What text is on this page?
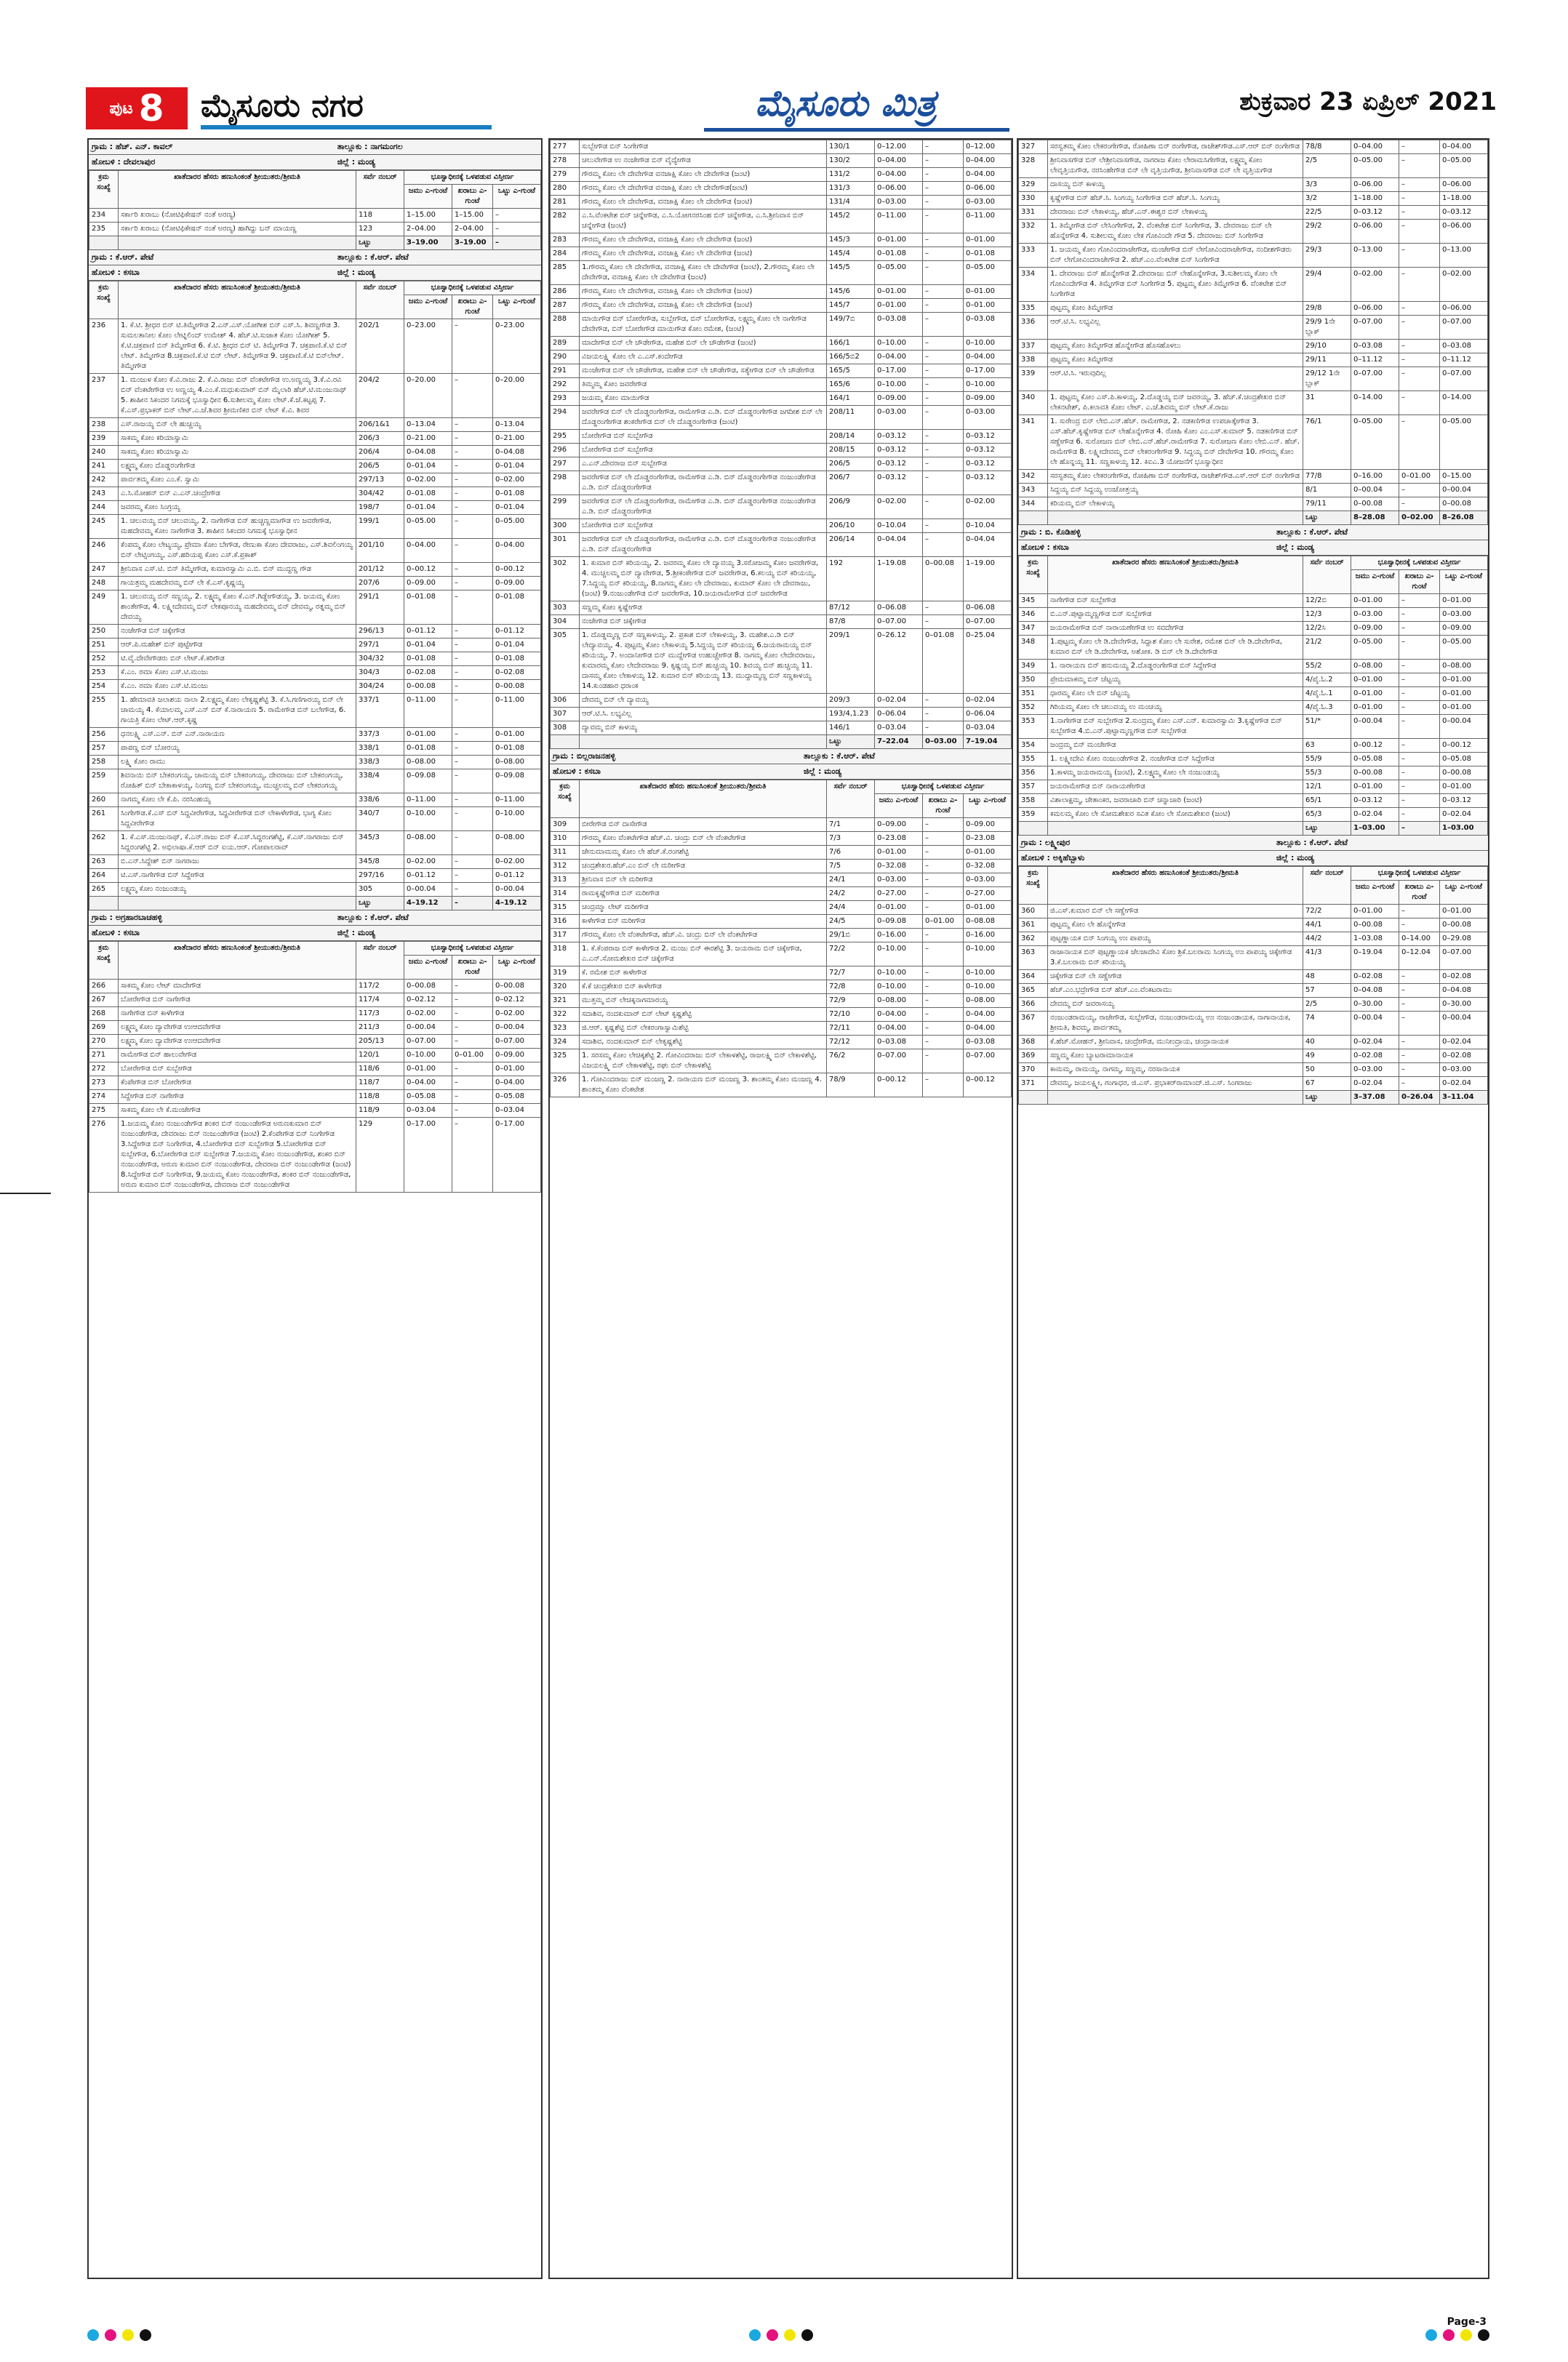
ಪುಟ 8 ಮೈಸೂರು ನಗರ	ಮೈಸೂರು ಮಿತ್ರ	ಶುಕ್ರವಾರ 23 ಏಪ್ರಿಲ್ 2021
ಗ್ರಾಮ : ಹೆಚ್. ಎನ್. ಕಾವಲ್	ತಾಲ್ಲೂಕು : ನಾಗಮಂಗಲ
ಹೋಬಳಿ : ದೇವಲಾಪುರ	ಜಿಲ್ಲೆ : ಮಂಡ್ಯ
ಕ್ರಮ ಸಂಖ್ಯೆ	ಖಾತೆದಾರರ ಹೆಸರು ಹಣುಸಿಂಕಂತೆ ಶ್ರೀಯುತರು/ಶ್ರೀಮತಿ	ಸರ್ವೆ ನಂಬರ್	ಭೂಸ್ವಾಧೀನಕ್ಕೆ ಒಳಪಡುವ ವಿಸ್ತೀರ್ಣ		
			ಜಮು ಎ-ಗುಂಟೆ	ಖರಾಬು ಎ-ಗುಂಟೆ	ಒಟ್ಟು ಎ-ಗುಂಟೆ
234	ಸರ್ಕಾರಿ ಖರಾಬು (ನೋಟಿಫಿಕೇಷನ್ ನಂತೆ ಅರಣ್ಯ)	118	1–15.00	1–15.00	–
235	ಸರ್ಕಾರಿ ಖರಾಬು (ನೋಟಿಫಿಕೇಷನ್ ನಂತೆ ಅರಣ್ಯ) ಹಾಗಿದ್ದು ಬನ್ ಮಾಯಣ್ಣ	123	2–04.00	2–04.00	–
		ಒಟ್ಟು	3–19.00	3–19.00	–
ಗ್ರಾಮ : ಕೆ.ಆರ್. ಪೇಟೆ	ತಾಲ್ಲೂಕು : ಕೆ.ಆರ್. ಪೇಟೆ
ಹೋಬಳಿ : ಕಸಬಾ	ಜಿಲ್ಲೆ : ಮಂಡ್ಯ
ಕ್ರಮ ಸಂಖ್ಯೆ	ಖಾತೆದಾರರ ಹೆಸರು ಹಣುಸಿಂಕಂತೆ ಶ್ರೀಯುತರು/ಶ್ರೀಮತಿ	ಸರ್ವೆ ನಂಬರ್	ಭೂಸ್ವಾಧೀನಕ್ಕೆ ಒಳಪಡುವ ವಿಸ್ತೀರ್ಣ		
			ಜಮು ಎ-ಗುಂಟೆ	ಖರಾಬು ಎ-ಗುಂಟೆ	ಒಟ್ಟು ಎ-ಗುಂಟೆ
236	1. ಕೆ.ಟಿ. ಶ್ರೀಧರ ಬಿನ್ ಟಿ.ತಿಮ್ಮೇಗೌಡ 2.ಎನ್.ಎಸ್.ಯೋಗೀಶ ಬಿನ್ ಎಸ್.ಸಿ. ಶಿವಣ್ಣಗೌಡ 3. ಸುಮಲತಾನೀಲ ಕೋಂ ಲೇಟ್ನಿಲಿಂದ್ ಉಮೇಶ್ 4. ಹೆಚ್.ಟಿ.ಸುಜಾತ ಕೋಂ ಯೋಗೀಶ್ 5. ಕೆ.ಟಿ.ಚಕ್ರಪಾಣಿ ಬಿನ್ ತಿಮ್ಮೇಗೌಡ 6. ಕೆ.ಟಿ. ಶ್ರೀಧರ ಬಿನ್ ಟಿ. ತಿಮ್ಮೇಗೌಡ 7. ಚಕ್ರಪಾಣಿ.ಕೆ.ಟಿ ಬಿನ್ ಲೇಟ್. ತಿಮ್ಮೇಗೌಡ 8.ಚಕ್ರಪಾಣಿ.ಕೆ.ಟಿ ಬಿನ್ ಲೇಟ್. ತಿಮ್ಮೇಗೌಡ 9. ಚಕ್ರಪಾಣಿ.ಕೆ.ಟಿ ಬಿನ್‌ಲೇಟ್. ತಿಮ್ಮೇಗೌಡ	202/1	0–23.00	–	0–23.00
237	1. ಮಂಜುಳ ಕೋಂ ಕೆ.ವಿ.ರಾಜು 2. ಕೆ.ವಿ.ರಾಜು ಬಿನ್ ವೆಂಕಟೇಗೌಡ ಉ.ಅಣ್ಣಯ್ಯ 3.ಕೆ.ವಿ.ರವಿ ಬಿನ್ ವೆಂಕಟೇಗೌಡ ಉ ಅಣ್ಣಯ್ಯ 4.ಎಂ.ಕೆ.ಮಧುಕುಮಾರ್ ಬಿನ್ ಮೈಲಾರಿ ಹೆಚ್.ಟಿ.ಮಂಜುನಾಥ್ 5. ಶಾಹೀನ ಸಿಕಂದರ ನಿಗಮಕ್ಕೆ ಭೂಸ್ವಾಧೀನ 6.ಸುಶೀಲಮ್ಮ ಕೋಂ ಲೇಟ್.ಕೆ.ಜೆ.ಕಟ್ಟಪ್ಪ 7. ಕೆ.ಎಸ್.ಪ್ರಭಾಕರ್ ಬಿನ್ ಲೇಟ್.ಎ.ಜೆ.ಶಿವರ ಶ್ರೀಮಣಿಕರ ಬಿನ್ ಲೇಟ್ ಕೆ.ವಿ. ಶಿವರ	204/2	0–20.00	–	0–20.00
238	ಎಸ್.ರಾಜಯ್ಯ ಬಿನ್ ಲೇ ಹುಚ್ಚಯ್ಯ	206/1&1	0–13.04	–	0–13.04
239	ಸಾಕಮ್ಮ ಕೋಂ ಕರಿಯಾಸ್ವಾಮಿ	206/3	0–21.00	–	0–21.00
240	ಸಾಕಮ್ಮ ಕೋಂ ಕರಿಯಾಸ್ವಾಮಿ	206/4	0–04.08	–	0–04.08
241	ಲಕ್ಷ್ಮಮ್ಮ ಕೋಂ ದೊಡ್ಡರಂಗೇಗೌಡ	206/5	0–01.04	–	0–01.04
242	ಪಾರ್ವತಮ್ಮ ಕೋಂ ಎಂ.ಕೆ. ಸ್ವಾಮಿ	297/13	0–02.00	–	0–02.00
243	ಎ.ಸಿ.ಮೋಹನ್ ಬಿನ್ ಎ.ಎನ್.ಚಂದ್ರೇಗೌಡ	304/42	0–01.08	–	0–01.08
244	ಜವರಮ್ಮ ಕೋಂ ಸಿಂಗ್ರಯ್ಯ	198/7	0–01.04	–	0–01.04
245	1. ಚಲುವಯ್ಯ ಬಿನ್ ಚಲುವಯ್ಯ, 2. ನಾಗೇಗೌಡ ಬಿನ್ ಹುಚ್ಚಣ್ಣಮಾಗೌಡ ಉ ಜವರೇಗೌಡ, ಮಹದೇವಮ್ಮ ಕೋಂ ನಾಗೇಗೌಡ 3. ಶಾಹೀನ ಸಿಕಂದರ ನಿಗಮಕ್ಕೆ ಭೂಸ್ವಾಧೀನ	199/1	0–05.00	–	0–05.00
246	ಕೆಂಪಮ್ಮ ಕೋಂ ಲೇಟ್ಯಯ್ಯ, ಪ್ರೇಮಾ ಕೋಂ ಬೇಗೌಡ, ರೇಣುಕಾ ಕೋಂ ದೇವರಾಜು, ಎಸ್.ಶಿವಲಿಂಗಯ್ಯ ಬಿನ್ ಲೇಟ್ಸಿಂಗಯ್ಯ, ಎಸ್.ಹರಿಯಪ್ಪ ಕೋಂ ಎಸ್.ಕೆ.ಪ್ರಕಾಶ್	201/10	0–04.00	–	0–04.00
247	ಶ್ರೀನಿವಾಸ ಎಸ್.ಟಿ. ಬಿನ್ ತಿಮ್ಮೇಗೌಡ, ಕುಮಾರಸ್ವಾಮಿ ಎ.ಬಿ. ಬಿನ್ ಮುದ್ದಣ್ಣ ಗೌಡ	201/12	0–00.12	–	0–00.12
248	ಗಾಯತ್ರಮ್ಮ ಮಹದೇವಮ್ಮ ಬಿನ್ ಲೇ ಕೆ.ಎಸ್.ಕೃಷ್ಣಯ್ಯ	207/6	0–09.00	–	0–09.00
249	1. ಚಲುವಯ್ಯ ಬಿನ್ ಸಣ್ಣಯ್ಯ, 2. ಲಕ್ಷ್ಮಮ್ಮ ಕೋಂ ಕೆ.ಎನ್.ಗಿಡ್ಡೇಗೌಡಯ್ಯ, 3. ಜಯಮ್ಮ ಕೋಂ ಶಾಂತೇಗೌಡ, 4. ಲಕ್ಷ್ಮೀದೇವಮ್ಮ ಬಿನ್ ಲೇಕಪೂನಯ್ಯ ಮಹದೇವಮ್ಮ ಬಿನ್ ದೇವಮ್ಮ, ರತ್ನಮ್ಮ ಬಿನ್ ದೇವಯ್ಯ	291/1	0–01.08	–	0–01.08
250	ನಂಜೇಗೌಡ ಬಿನ್ ಚಿಕ್ಕೇಗೌಡ	296/13	0–01.12	–	0–01.12
251	ಆರ್.ಪಿ.ಮಹೇಶ್ ಬಿನ್ ಪುಟ್ಟೇಗೌಡ	297/1	0–01.04	–	0–01.04
252	ಟಿ.ವೈ.ದೇವೇಗೌಡರು ಬಿನ್ ಲೇಟ್.ಕೆ.ಕರಿಗೌಡ	304/32	0–01.08	–	0–01.08
253	ಕೆ.ಎಂ. ರಮಾ ಕೋಂ ಎಸ್.ಟಿ.ಮಂಜು	304/3	0–02.08	–	0–02.08
254	ಕೆ.ಎಂ. ರಮಾ ಕೋಂ ಎಸ್.ಟಿ.ಮಂಜು	304/24	0–00.08	–	0–00.08
255	1. ಹೇಮಾವತಿ ಜಲಾಶಯ ನಾಲಾ 2.ಲಕ್ಷ್ಮಮ್ಮ ಕೋಂ ಲೇಕೃಷ್ಣಶೆಟ್ಟಿ 3. ಕೆ.ಸಿ.ಗಣಿಗಾರಯ್ಯ ಬಿನ್ ಲೇ ಚಾಮಯ್ಯ 4. ಕೆಯಾಲಮ್ಮ ಎಸ್.ಎನ್ ಬಿನ್ ಕೆ.ನಾರಾಯಣ 5. ರಾಮೇಗೌಡ ಬಿನ್ ಬಲೇಗೌಡ, 6. ಗಾಯತ್ರಿ ಕೋಂ ಲೇಟ್.ಆರ್.ಕೃಷ್ಣ	337/1	0–11.00	–	0–11.00
256	ಧನಲಕ್ಷ್ಮಿ ಎಸ್.ಎನ್. ಬಿನ್ ಎನ್.ನಾರಾಯಣ	337/3	0–01.00	–	0–01.00
257	ಪಾಪಣ್ಣ ಬಿನ್ ಬೋರಯ್ಯ	338/1	0–01.08	–	0–01.08
258	ಲಕ್ಷ್ಮಿ ಕೋಂ ರಾಮು	338/3	0–08.00	–	0–08.00
259	ಶಿವನಾಯಿ ಬಿನ್ ಬೇಕರಂಗಯ್ಯ, ಚಾಮಯ್ಯ ಬಿನ್ ಬೇಕರಂಗಯ್ಯ, ದೇವರಾಜು ಬಿನ್ ಬೇಕರಂಗಯ್ಯ, ರೋಹಿತ್ ಬಿನ್ ಬೇಕಾಕಾಳಯ್ಯ, ನಿಂಗಣ್ಣ ಬಿನ್ ಬೇಕರಂಗಯ್ಯ, ಮುಚ್ಚಲಮ್ಮ ಬಿನ್ ಲೇಕರಂಗಯ್ಯ	338/4	0–09.08	–	0–09.08
260	ನಾಗಮ್ಮ ಕೋಂ ಲೇ ಕೆ.ಪಿ. ನರಸಿಂಹಯ್ಯ	338/6	0–11.00	–	0–11.00
261	ಸಿಂಗೇಗೌಡ.ಕೆ.ಎಸ್ ಬಿನ್ ಸಿದ್ದವೀರೇಗೌಡ, ಸಿದ್ದವೀರೇಗೌಡ ಬಿನ್ ಲೇಕಾಳೇಗೌಡ, ಭಾಗ್ಯ ಕೋಂ ಸಿದ್ದವೀರೇಗೌಡ	340/7	0–10.00	–	0–10.00
262	1. ಕೆ.ಎಸ್.ಮಂಜುನಾಥ್, ಕೆ.ಎನ್.ರಾಜು ಬಿನ್ ಕೆ.ಎಸ್.ಸಿದ್ದರಂಗಶೆಟ್ಟಿ, ಕೆ.ಎಸ್.ನಾಗರಾಜು ಬಿನ್ ಸಿದ್ದರಂಗಶೆಟ್ಟಿ 2. ಅಭಿಲಾಷಾ.ಕೆ.ಆರ್ ಬಿನ್ ಐಯ.ಆರ್. ಗೋಪಾಲರಾವ್	345/3	0–08.00	–	0–08.00
263	ಬಿ.ಎನ್.ಸಿದ್ದೇಶ್ ಬಿನ್ ನಾಗರಾಜು	345/8	0–02.00	–	0–02.00
264	ಟಿ.ಎಸ್.ನಾಗೇಗೌಡ ಬಿನ್ ಸಿದ್ದೇಗೌಡ	297/16	0–01.12	–	0–01.12
265	ಲಕ್ಷ್ಮಮ್ಮ ಕೋಂ ನಂಜುಂಡಯ್ಯ	305	0–00.04	–	0–00.04
		ಒಟ್ಟು	4–19.12	–	4–19.12
ಗ್ರಾಮ : ಅಗ್ರಹಾರಬಾಚಹಳ್ಳಿ	ತಾಲ್ಲೂಕು : ಕೆ.ಆರ್. ಪೇಟೆ
ಹೋಬಳಿ : ಕಸಬಾ	ಜಿಲ್ಲೆ : ಮಂಡ್ಯ
ಕ್ರಮ ಸಂಖ್ಯೆ	ಖಾತೆದಾರರ ಹೆಸರು ಹಣುಸಿಂಕಂತೆ ಶ್ರೀಯುತರು/ಶ್ರೀಮತಿ	ಸರ್ವೆ ನಂಬರ್	ಭೂಸ್ವಾಧೀನಕ್ಕೆ ಒಳಪಡುವ ವಿಸ್ತೀರ್ಣ		
			ಜಮು ಎ-ಗುಂಟೆ	ಖರಾಬು ಎ-ಗುಂಟೆ	ಒಟ್ಟು ಎ-ಗುಂಟೆ
266	ಸಾಕಮ್ಮ ಕೋಂ ಲೇಟ್ ಮಾದೇಗೌಡ	117/2	0–00.08	–	0–00.08
267	ಬೋರೇಗೌಡ ಬಿನ್ ನಾಗೇಗೌಡ	117/4	0–02.12	–	0–02.12
268	ನಾಗೇಗೌಡ ಬಿನ್ ಕಾಳೇಗೌಡ	117/3	0–02.00	–	0–02.00
269	ಲಕ್ಷ್ಮಮ್ಮ ಕೋಂ ದ್ಯಾವೇಗೌಡ ಉಃಆದವೇಗೌಡ	211/3	0–00.04	–	0–00.04
270	ಲಕ್ಷ್ಮಮ್ಮ ಕೋಂ ದ್ಯಾವೇಗೌಡ ಉಃಆದವೇಗೌಡ	205/13	0–07.00	–	0–07.00
271	ರಾಮೇಗೌಡ ಬಿನ್ ಹಾಲುವೇಗೌಡ	120/1	0–10.00	0–01.00	0–09.00
272	ಬೋರೇಗೌಡ ಬಿನ್ ಸುಬ್ಬೇಗೌಡ	118/6	0–01.00	–	0–01.00
273	ಕೆಂಪೇಗೌಡ ಬಿನ್ ಬೋರೇಗೌಡ	118/7	0–04.00	–	0–04.00
274	ಸಿದ್ದೇಗೌಡ ಬಿನ್ ನಾಗೇಗೌಡ	118/8	0–05.08	–	0–05.08
275	ಸಾಕಮ್ಮ ಕೋಂ ಲೇ ಕೆ.ಮಂಜೇಗೌಡ	118/9	0–03.04	–	0–03.04
276	1.ಜಯಮ್ಮ ಕೋಂ ನಂಜುಂಡೇಗೌಡ ಶಂಕರ ಬಿನ್ ನಂಜುಂಡೇಗೌಡ ಅರುಣಕುಮಾರ ಬಿನ್ ನಂಜುಂಡೇಗೌಡ, ದೇವರಾಜು ಬಿನ್ ನಂಜುಂಡೇಗೌಡ (ಜಂಟಿ) 2.ಕೆಂಪೇಗೌಡ ಬಿನ್ ನಿಂಗೇಗೌಡ 3.ಸಿದ್ದೇಗೌಡ ಬಿನ್ ನಿಂಗೇಗೌಡ, 4.ಬೋರೇಗೌಡ ಬಿನ್ ಸುಬ್ಬೇಗೌಡ 5.ಬೋರೇಗೌಡ ಬಿನ್ ಸುಬ್ಬೇಗೌಡ, 6.ಬೋರೇಗೌಡ ಬಿನ್ ಸುಬ್ಬೇಗೌಡ 7.ಜಯಮ್ಮ ಕೋಂ ನಂಜುಂಡೇಗೌಡ, ಶಂಕರ ಬಿನ್ ನಂಜುಂಡೇಗೌಡ, ಅರುಣ ಕುಮಾರ ಬಿನ್ ನಂಜುಂಡೇಗೌಡ, ದೇವರಾಜ ಬಿನ್ ನಂಜುಂಡೇಗೌಡ (ಜಂಟಿ) 8.ಸಿದ್ದೇಗೌಡ ಬಿನ್ ನಿಂಗೇಗೌಡ, 9.ಜಯಮ್ಮ ಕೋಂ ನಂಜುಂಡೇಗೌಡ, ಶಂಕರ ಬಿನ್ ನಂಜುಂಡೇಗೌಡ, ಅರುಣ ಕುಮಾರ ಬಿನ್ ನಂಜುಂಡೇಗೌಡ, ದೇವರಾಜ ಬಿನ್ ನಂಜುಂಡೇಗೌಡ	129	0–17.00	–	0–17.00
277	ಸುಬ್ಬೇಗೌಡ ಬಿನ್ ಸಿಂಗೇಗೌಡ	130/1	0–12.00	–	0–12.00
278	ಚಲುವೇಗೌಡ ಉ ನಂಜೇಗೌಡ ಬಿನ್ ವೈದ್ಯೇಗೌಡ	130/2	0–04.00	–	0–04.00
279	ಗೌರಮ್ಮ ಕೋಂ ಲೇ ದೇವೇಗೌಡ ವನಜಾಕ್ಷಿ ಕೋಂ ಲೇ ದೇವೇಗೌಡ (ಜಂಟಿ)	131/2	0–04.00	–	0–04.00
280	ಗೌರಮ್ಮ ಕೋಂ ಲೇ ದೇವೇಗೌಡ ವನಜಾಕ್ಷಿ ಕೋಂ ಲೇ ದೇವೇಗೌಡ(ಜಂಟಿ)	131/3	0–06.00	–	0–06.00
281	ಗೌರಮ್ಮ ಕೋಂ ಲೇ ದೇವೇಗೌಡ, ವನಜಾಕ್ಷಿ ಕೋಂ ಲೇ ದೇವೇಗೌಡ (ಜಂಟಿ)	131/4	0–03.00	–	0–03.00
282	ಎ.ಸಿ.ವೆಂಕಟೇಶ ಬಿನ್ ಚನ್ನೇಗೌಡ, ಎ.ಸಿ.ಯೋಗನರಸಿಂಹ ಬಿನ್ ಚನ್ನೇಗೌಡ, ಎ.ಸಿ.ಶ್ರೀನಿವಾಸ ಬಿನ್ ಚನ್ನೇಗೌಡ (ಜಂಟಿ)	145/2	0–11.00	–	0–11.00
283	ಗೌರಮ್ಮ ಕೋಂ ಲೇ ದೇವೇಗೌಡ, ವನಜಾಕ್ಷಿ ಕೋಂ ಲೇ ದೇವೇಗೌಡ (ಜಂಟಿ)	145/3	0–01.00	–	0–01.00
284	ಗೌರಮ್ಮ ಕೋಂ ಲೇ ದೇವೇಗೌಡ, ವನಜಾಕ್ಷಿ ಕೋಂ ಲೇ ದೇವೇಗೌಡ (ಜಂಟಿ)	145/4	0–01.08	–	0–01.08
285	1.ಗೌರಮ್ಮ ಕೋಂ ಲೇ ದೇವೇಗೌಡ, ವನಜಾಕ್ಷಿ ಕೋಂ ಲೇ ದೇವೇಗೌಡ (ಜಂಟಿ), 2.ಗೌರಮ್ಮ ಕೋಂ ಲೇ ದೇವೇಗೌಡ, ವನಜಾಕ್ಷಿ ಕೋಂ ಲೇ ದೇವೇಗೌಡ (ಜಂಟಿ)	145/5	0–05.00	–	0–05.00
286	ಗೌರಮ್ಮ ಕೋಂ ಲೇ ದೇವೇಗೌಡ, ವನಜಾಕ್ಷಿ ಕೋಂ ಲೇ ದೇವೇಗೌಡ (ಜಂಟಿ)	145/6	0–01.00	–	0–01.00
287	ಗೌರಮ್ಮ ಕೋಂ ಲೇ ದೇವೇಗೌಡ, ವನಜಾಕ್ಷಿ ಕೋಂ ಲೇ ದೇವೇಗೌಡ (ಜಂಟಿ)	145/7	0–01.00	–	0–01.00
288	ಮಾಯಿಗೌಡ ಬಿನ್ ಬೋರೇಗೌಡ, ಸುಬ್ಬೇಗೌಡ, ಬಿನ್ ಬೋರೇಗೌಡ, ಲಕ್ಷ್ಮಮ್ಮ ಕೋಂ ಲೇ ನಾಗೇಗೌಡ ದೇವೇಗೌಡ, ಬಿನ್ ಬೋರೇಗೌಡ ಮಾಯಿಗೌಡ ಕೋಂ ರಮೇಶ, (ಜಂಟಿ)	149/7ಬಿ	0–03.08	–	0–03.08
289	ಮಾದೇಗೌಡ ಬಿನ್ ಲೇ ಚೌಡೇಗೌಡ, ಮಹೇಶ ಬಿನ್ ಲೇ ಚೌಡೇಗೌಡ (ಜಂಟಿ)	166/1	0–10.00	–	0–10.00
290	ವಿಜಯಲಕ್ಷ್ಮಿ ಕೋಂ ಲೇ ಎ.ಎಸ್.ಕಂದೇಗೌಡ	166/5ಬಿ2	0–04.00	–	0–04.00
291	ಮಂಜೇಗೌಡ ಬಿನ್ ಲೇ ಚೌಡೇಗೌಡ, ಮಹೇಶ ಬಿನ್ ಲೇ ಚೌಡೇಗೌಡ, ಸತ್ಯೇಗೌಡ ಬಿನ್ ಲೇ ಚೌಡೇಗೌಡ	165/5	0–17.00	–	0–17.00
292	ತಿಮ್ಮಮ್ಮ ಕೋಂ ಜವರೇಗೌಡ	165/6	0–10.00	–	0–10.00
293	ಜಯಮ್ಮ ಕೋಂ ಮಾಯಿಗೌಡ	164/1	0–09.00	–	0–09.00
294	ಜವರೇಗೌಡ ಬಿನ್ ಲೇ ದೊಡ್ಡರಂಗೇಗೌಡ, ರಾಮೇಗೌಡ ಎ.ಡಿ. ಬಿನ್ ದೊಡ್ಡರಂಗೇಗೌಡ ಜಗದೀಶ ಬಿನ್ ಲೇ ದೊಡ್ಡರಂಗೇಗೌಡ ಶಂಕರೇಗೌಡ ಬಿನ್ ಲೇ ದೊಡ್ಡರಂಗೇಗೌಡ (ಜಂಟಿ)	208/11	0–03.00	–	0–03.00
295	ಬೋರೇಗೌಡ ಬಿನ್ ಸುಬ್ಬೇಗೌಡ	208/14	0–03.12	–	0–03.12
296	ಬೋರೇಗೌಡ ಬಿನ್ ಸುಬ್ಬೇಗೌಡ	208/15	0–03.12	–	0–03.12
297	ಎ.ಎನ್.ದೇವರಾಜ ಬಿನ್ ಸುಬ್ಬೇಗೌಡ	206/5	0–03.12	–	0–03.12
298	ಜವರೇಗೌಡ ಬಿನ್ ಲೇ ದೊಡ್ಡರಂಗೇಗೌಡ, ರಾಮೇಗೌಡ ಎ.ಡಿ. ಬಿನ್ ದೊಡ್ಡರಂಗೇಗೌಡ ನಂಜುಂಡೇಗೌಡ ಎ.ಡಿ. ಬಿನ್ ದೊಡ್ಡರಂಗೇಗೌಡ	206/7	0–03.12	–	0–03.12
299	ಜವರೇಗೌಡ ಬಿನ್ ಲೇ ದೊಡ್ಡರಂಗೇಗೌಡ, ರಾಮೇಗೌಡ ಎ.ಡಿ. ಬಿನ್ ದೊಡ್ಡರಂಗೇಗೌಡ ನಂಜುಂಡೇಗೌಡ ಎ.ಡಿ. ಬಿನ್ ದೊಡ್ಡರಂಗೇಗೌಡ	206/9	0–02.00	–	0–02.00
300	ಬೋರೇಗೌಡ ಬಿನ್ ಸುಬ್ಬೇಗೌಡ	206/10	0–10.04	–	0–10.04
301	ಜವರೇಗೌಡ ಬಿನ್ ಲೇ ದೊಡ್ಡರಂಗೇಗೌಡ, ರಾಮೇಗೌಡ ಎ.ಡಿ. ಬಿನ್ ದೊಡ್ಡರಂಗೇಗೌಡ ನಂಜುಂಡೇಗೌಡ ಎ.ಡಿ. ಬಿನ್ ದೊಡ್ಡರಂಗೇಗೌಡ	206/14	0–04.04	–	0–04.04
302	1. ಕುಮಾರ ಬಿನ್ ಕರಿಯಯ್ಯ, 2. ಜವರಮ್ಮ ಕೋಂ ಲೇ ದ್ಯಾವಯ್ಯ 3.ಸರೋಜಮ್ಮ ಕೋಂ ಜವರೇಗೌಡ, 4. ಮುಚ್ಚಲಮ್ಮ ಬಿನ್ ದ್ಯಾವೇಗೌಡ, 5.ಶ್ರೀಕಂಠೇಗೌಡ ಬಿನ್ ಜವರೇಗೌಡ, 6.ಕಲಯ್ಯ ಬಿನ್ ಕರಿಯಯ್ಯ, 7.ಸಿದ್ದಯ್ಯ ಬಿನ್ ಕರಿಯಯ್ಯ, 8.ನಾಗಮ್ಮ ಕೋಂ ಲೇ ದೇವರಾಜು, ಕುಮಾರ್ ಕೋಂ ಲೇ ದೇವರಾಜು, (ಜಂಟಿ) 9.ನಂಜುಂಡೇಗೌಡ ಬಿನ್ ಜವರೇಗೌಡ, 10.ಜಯರಾಮೇಗೌಡ ಬಿನ್ ಜವರೇಗೌಡ	192	1–19.08	0–00.08	1–19.00
303	ಸಣ್ಣಮ್ಮ ಕೋಂ ಕೃಷ್ಣೇಗೌಡ	87/12	0–06.08	–	0–06.08
304	ನಂಜೇಗೌಡ ಬಿನ್ ಚಿಕ್ಕೇಗೌಡ	87/8	0–07.00	–	0–07.00
305	1. ದೊಡ್ಡಮ್ಮಣ್ಣ ಬಿನ್ ಸಣ್ಣಕಾಳಯ್ಯ, 2. ಪ್ರಕಾಶ ಬಿನ್ ಲೇಕಾಳಯ್ಯ, 3. ಮಹೇಶ.ಎ.ಡಿ ಬಿನ್ ಲೇದ್ಯಾವಯ್ಯ, 4. ಪುಟ್ಟಮ್ಮ ಕೋಂ ಲೇಕಾಳಯ್ಯ 5.ಸಿದ್ದಯ್ಯ ಬಿನ್ ಕರಿಯಯ್ಯ 6.ಜಯರಾಮಯ್ಯ ಬಿನ್ ಕರಿಯಯ್ಯ, 7. ಅಂದಾನೀಗೌಡ ಬಿನ್ ಮುದ್ದೇಗೌಡ ಉಹುಚ್ಚೇಗೌಡ 8. ನಾಗಮ್ಮ ಕೋಂ ಲೇದೇವರಾಜು, ಕುಮಾರಮ್ಮ ಕೋಂ ಲೇದೇವರಾಜು 9. ಕೃಷ್ಣಯ್ಯ ಬಿನ್ ಹುಚ್ಚಯ್ಯ 10. ಶಿವಯ್ಯ ಬಿನ್ ಹುಚ್ಚಯ್ಯ 11. ದಾಸಮ್ಮ ಕೋಂ ಲೇಕಾಳಯ್ಯ 12. ಕುಮಾರ ಬಿನ್ ಕರಿಯಯ್ಯ 13. ಮುದ್ದಾಮ್ಮಣ್ಣ ಬಿನ್ ಸಣ್ಣಕಾಳಯ್ಯ 14.ಕುಂಡಹಾರ ಧರಾಂಕ	209/1	0–26.12	0–01.08	0–25.04
306	ದೇವಮ್ಮ ಬಿನ್ ಲೇ ದ್ಯಾವಯ್ಯ	209/3	0–02.04	–	0–02.04
307	ಆರ್.ಟಿ.ಸಿ. ಲಭ್ಯವಿಲ್ಲ	193/4,1.23	0–06.04	–	0–06.04
308	ದ್ಯಾವಮ್ಮ ಬಿನ್ ಕಾಳಯ್ಯ	146/1	0–03.04	–	0–03.04
		ಒಟ್ಟು	7–22.04	0–03.00	7–19.04
ಗ್ರಾಮ : ಬಿಲ್ಲರಾಜನಹಳ್ಳಿ	ತಾಲ್ಲೂಕು : ಕೆ.ಆರ್. ಪೇಟೆ
ಹೋಬಳಿ : ಕಸಬಾ	ಜಿಲ್ಲೆ : ಮಂಡ್ಯ
ಕ್ರಮ ಸಂಖ್ಯೆ	ಖಾತೆದಾರರ ಹೆಸರು ಹಣುಸಿಂಕಂತೆ ಶ್ರೀಯುತರು/ಶ್ರೀಮತಿ	ಸರ್ವೆ ನಂಬರ್	ಭೂಸ್ವಾಧೀನಕ್ಕೆ ಒಳಪಡುವ ವಿಸ್ತೀರ್ಣ		
			ಜಮು ಎ-ಗುಂಟೆ	ಖರಾಬು ಎ-ಗುಂಟೆ	ಒಟ್ಟು ಎ-ಗುಂಟೆ
309	ಬೀರೇಗೌಡ ಬಿನ್ ದಾಸೇಗೌಡ	7/1	0–09.00	–	0–09.00
310	ಗೌರಮ್ಮ ಕೋಂ ವೆಂಕಟೇಗೌಡ ಹೆಚ್.ವಿ. ಚಂದ್ರು ಬಿನ್ ಲೇ ವೆಂಕಟೇಗೌಡ	7/3	0–23.08	–	0–23.08
311	ಜೇನುಮಾಮಮ್ಮ ಕೋಂ ಲೇ ಹೆಚ್.ಕೆ.ರಂಗಶೆಟ್ಟಿ	7/6	0–01.00	–	0–01.00
312	ಚಂದ್ರಶೇಖರ.ಹೆಚ್.ಎಂ ಬಿನ್ ಲೇ ಮರೀಗೌಡ	7/5	0–32.08	–	0–32.08
313	ಶ್ರೀನಿವಾಸ ಬಿನ್ ಲೇ ಮರೀಗೌಡ	24/1	0–03.00	–	0–03.00
314	ರಾಮಕೃಷ್ಣೇಗೌಡ ಬಿನ್ ಮರೀಗೌಡ	24/2	0–27.00	–	0–27.00
315	ಚಂದ್ರಮ್ಮಾ ಲೇಟ್ ಮರೀಗೌಡ	24/4	0–01.00	–	0–01.00
316	ಕಾಳೇಗೌಡ ಬಿನ್ ಮರೀಗೌಡ	24/5	0–09.08	0–01.00	0–08.08
317	ಗೌರಮ್ಮ ಕೋಂ ಲೇ ವೆಂಕಟೇಗೌಡ, ಹೆಚ್.ವಿ. ಚಂದ್ರು ಬಿನ್ ಲೇ ವೆಂಕಟೇಗೌಡ	29/1ಬಿ	0–16.00	–	0–16.00
318	1. ಕೆ.ಕೆಂಪರಾಜ ಬಿನ್ ಕಾಳೇಗೌಡ 2. ಮಂಜು ಬಿನ್ ಈರಶೆಟ್ಟಿ 3. ಜಯರಾಮ ಬಿನ್ ಚಿಕ್ಕೇಗೌಡ, ಎ.ಎನ್.ಸೋಮಶೇಖರ ಬಿನ್ ಚಿಕ್ಕೇಗೌಡ	72/2	0–10.00	–	0–10.00
319	ಕೆ. ರಮೇಶ ಬಿನ್ ಕಾಳೇಗೌಡ	72/7	0–10.00	–	0–10.00
320	ಕೆ.ಕೆ ಚಂದ್ರಶೇಖರ ಬಿನ್ ಕಾಳೇಗೌಡ	72/8	0–10.00	–	0–10.00
321	ಮುತ್ತಮ್ಮ ಬಿನ್ ಲೇಚಿಕ್ಕನಾಗಮಾರಯ್ಯ	72/9	0–08.00	–	0–08.00
322	ಸದಾಶಿವ, ನಂದಕುಮಾರ್ ಬಿನ್ ಲೇಟ್ ಕೃಷ್ಣಶೆಟ್ಟಿ	72/10	0–04.00	–	0–04.00
323	ಜಿ.ಆರ್. ಕೃಷ್ಣಶೆಟ್ಟಿ ಬಿನ್ ಲೇಕರಂಗಾಸ್ವಾಮಿಶೆಟ್ಟಿ	72/11	0–04.00	–	0–04.00
324	ಸದಾಶಿವ, ನಂದಕುಮಾರ್ ಬಿನ್ ಲೇಕೃಷ್ಣಶೆಟ್ಟಿ	72/12	0–03.08	–	0–03.08
325	1. ಸರಸಮ್ಮ ಕೋಂ ಲೇಚಿಕ್ಕಶೆಟ್ಟಿ 2. ಗೋವಿಂದರಾಜು ಬಿನ್ ಲೇಕಾಳಶೆಟ್ಟಿ, ರಾಜಲಕ್ಷ್ಮಿ ಬಿನ್ ಲೇಕಾಳಶೆಟ್ಟಿ, ವಿಜಯಲಕ್ಷ್ಮಿ ಬಿನ್ ಲೇಕಾಳಶೆಟ್ಟಿ, ರಘು ಬಿನ್ ಲೇಕಾಳಶೆಟ್ಟಿ	76/2	0–07.00	–	0–07.00
326	1. ಗೋವಿಂದರಾಜು ಬಿನ್ ಮಂಜಣ್ಣ 2. ನಾರಾಯಣ ಬಿನ್ ಮಂಜಣ್ಣ 3. ಶಾಂತಮ್ಮ ಕೋಂ ಮಂಜಣ್ಣ 4. ಶಾಂತಮ್ಮ ಕೋಂ ವೆಂಕಟೇಶ	78/9	0–00.12	–	0–00.12
327	ಸರಸ್ವತಮ್ಮ ಕೋಂ ಲೇಕರಂಗೇಗೌಡ, ರೋಹಿಣಾ ಬಿನ್ ರಂಗೇಗೌಡ, ರಾಜೇಶ್‌ಗೌಡ.ಎಸ್.ಆರ್ ಬಿನ್ ರಂಗೇಗೌಡ	78/8	0–04.00	–	0–04.00
328	ಶ್ರೀನಿವಾಸಗೌಡ ಬಿನ್ ಲೇಶ್ರೀನಿವಾಸಗೌಡ, ನಾಗರಾಜ ಕೋಂ ಲೇರಾಮಸಿಗೇಗೌಡ, ಲಕ್ಷ್ಮಮ್ಮ ಕೋಂ ಲೇವೃತ್ತಿಯಗೌಡ, ನರಸಿಂಹೇಗೌಡ ಬಿನ್ ಲೇ ವೃತ್ತಿಯಗೌಡ, ಶ್ರೀನಿವಾಸಗೌಡ ಬಿನ್ ಲೇ ವೃತ್ತಿಯಗೌಡ	2/5	0–05.00	–	0–05.00
329	ದಾಸಯ್ಯ ಬಿನ್ ಕಾಳಯ್ಯ	3/3	0–06.00	–	0–06.00
330	ಕೃಷ್ಣೇಗೌಡ ಬಿನ್ ಹೆಚ್.ಸಿ. ಸಿಂಗಯ್ಯ ಸಿಂಗೇಗೌಡ ಬಿನ್ ಹೆಚ್.ಸಿ. ಸಿಂಗಯ್ಯ	3/2	1–18.00	–	1–18.00
331	ದೇವರಾಜು ಬಿನ್ ಲೇಕಾಳಯ್ಯ, ಹೆಚ್.ಎನ್.ಈಶ್ವರ ಬಿನ್ ಲೇಕಾಳಯ್ಯ	22/5	0–03.12	–	0–03.12
332	1. ತಿಮ್ಮೇಗೌಡ ಬಿನ್ ಲೇಸಿಂಗೇಗೌಡ, 2. ವೆಂಕಟೇಶ ಬಿನ್ ಸಿಂಗೇಗೌಡ, 3. ದೇವರಾಜು ಬಿನ್ ಲೇ ಹೊನ್ನೇಗೌಡ 4. ಸುಶೀಲಮ್ಮ ಕೋಂ ಲೇಕ ಗೋವಿಂದೇ ಗೌಡ 5. ದೇವರಾಜು ಬಿನ್ ಸಿಂಗೇಗೌಡ	29/2	0–06.00	–	0–06.00
333	1. ಜಯಮ್ಮ ಕೋಂ ಗೋವಿಂದರಾಜೇಗೌಡ, ಮಂಜೇಗೌಡ ಬಿನ್ ಲೇಗೋವಿಂದರಾಜೇಗೌಡ, ನಂದೀಶಗೌಡರು ಬಿನ್ ಲೇಗೋವಿಂದರಾಜೇಗೌಡ 2. ಹೆಚ್.ಎಂ.ವೆಂಕಟೇಶ ಬಿನ್ ಸಿಂಗೇಗೌಡ	29/3	0–13.00	–	0–13.00
334	1. ದೇವರಾಜು ಬಿನ್ ಹೊನ್ನೇಗೌಡ 2.ದೇವರಾಜು ಬಿನ್ ಲೇಹೊನ್ನೇಗೌಡ, 3.ಸುಶೀಲಮ್ಮ ಕೋಂ ಲೇ ಗೋವಿಂದೇಗೌಡ 4. ತಿಮ್ಮೇಗೌಡ ಬಿನ್ ಸಿಂಗೇಗೌಡ 5. ಪುಟ್ಟಮ್ಮ ಕೋಂ ತಿಮ್ಮೇಗೌಡ 6. ವೆಂಕಟೇಶ ಬಿನ್ ಸಿಂಗೇಗೌಡ	29/4	0–02.00	–	0–02.00
335	ಪುಟ್ಟಮ್ಮ ಕೋಂ ತಿಮ್ಮೇಗೌಡ	29/8	0–06.00	–	0–06.00
336	ಆರ್.ಟಿ.ಸಿ. ಲಭ್ಯವಿಲ್ಲ	29/9 1ನೇ ಬ್ಲಾಕ್	0–07.00	–	0–07.00
337	ಪುಟ್ಟಮ್ಮ ಕೋಂ ತಿಮ್ಮೇಗೌಡ ಹೊನ್ನೇಗೌಡ ಹೊಸಹೊಳಲು	29/10	0–03.08	–	0–03.08
338	ಪುಟ್ಟಮ್ಮ ಕೋಂ ತಿಮ್ಮೇಗೌಡ	29/11	0–11.12	–	0–11.12
339	ಆರ್.ಟಿ.ಸಿ. ಇರುವುದಿಲ್ಲ	29/12 1ನೇ ಬ್ಲಾಕ್	0–07.00	–	0–07.00
340	1. ಪುಟ್ಟಮ್ಮ ಕೋಂ ಎಸ್.ಪಿ.ಕಾಳಯ್ಯ, 2.ದೊಡ್ಡಯ್ಯ ಬಿನ್ ಜವರಯ್ಯ, 3. ಹೆಚ್.ಕೆ.ಚಂದ್ರಶೇಖರ ಬಿನ್ ಲೇಕನಟೇಶ್, ಪಿ.ಕಲಾವತಿ ಕೋಂ ಲೇಟ್. ಎ.ಜೆ.ಶಿವಮ್ಮ ಬಿನ್ ಲೇಟ್.ಕೆ.ರಾಜು	31	0–14.00	–	0–14.00
341	1. ಸುರೇಂದ್ರ ಬಿನ್ ಲೇಬಿ.ಎನ್.ಹೆಚ್. ರಾಮೇಗೌಡ, 2. ನಡಕಣಿಗೌಡ ಉಪಚಾತ್ಕೇಗೌಡ 3. ಎಸ್.ಹೆಚ್.ಕೃಷ್ಣೇಗೌಡ ಬಿನ್ ಲೇಹೊನ್ನೇಗೌಡ 4. ರೋಹಿ ಕೋಂ ಎಂ.ಎಸ್.ಕುಮಾರ್ 5. ನಡಕಣಿಗೌಡ ಬಿನ್ ಸಣ್ಣೇಗೌಡ 6. ಸುರೋಜಣ ಬಿನ್ ಲೇಬಿ.ಎನ್.ಹೆಚ್.ರಾಮೇಗೌಡ 7. ಸುರೋಜಣ ಕೋಂ ಲೇಬಿ.ಎನ್. ಹೆಚ್. ರಾಮೇಗೌಡ 8. ಲಕ್ಷ್ಮೀದೇವಮ್ಮ ಬಿನ್ ಲೇಕರಂಗೇಗೌಡ 9. ಸಿದ್ದಯ್ಯ ಬಿನ್ ದೇವೇಗೌಡ 10. ಗೌರಮ್ಮ ಕೋಂ ಲೇ ಹೊನ್ನಯ್ಯ 11. ಸಣ್ಣಕಾಳಯ್ಯ 12. ಕಿಐಎ.3 ಯೋಜನೆಗೆ ಭೂಸ್ವಾಧೀನ	76/1	0–05.00	–	0–05.00
342	ಸರಸ್ವತಮ್ಮ ಕೋಂ ಲೇಕರಂಗೇಗೌಡ, ರೋಹಿಣಾ ಬಿನ್ ರಂಗೇಗೌಡ, ರಾಜೇಶ್‌ಗೌಡ.ಎಸ್.ಆರ್ ಬಿನ್ ರಂಗೇಗೌಡ	77/8	0–16.00	0–01.00	0–15.00
343	ಸಿದ್ದಯ್ಯ ಬಿನ್ ಸಿದ್ದಯ್ಯ ಉಃಜೋತ್ತಯ್ಯ	8/1	0–00.04	–	0–00.04
344	ಕರಿಯಮ್ಮ ಬಿನ್ ಲೇಕಾಳಯ್ಯ	79/11	0–00.08	–	0–00.08
		ಒಟ್ಟು	8–28.08	0–02.00	8–26.08
ಗ್ರಾಮ : ಬಿ. ಕೊಡಿಹಳ್ಳಿ	ತಾಲ್ಲೂಕು : ಕೆ.ಆರ್. ಪೇಟೆ
ಹೋಬಳಿ : ಕಸಬಾ	ಜಿಲ್ಲೆ : ಮಂಡ್ಯ
ಕ್ರಮ ಸಂಖ್ಯೆ	ಖಾತೆದಾರರ ಹೆಸರು ಹಣುಸಿಂಕಂತೆ ಶ್ರೀಯುತರು/ಶ್ರೀಮತಿ	ಸರ್ವೆ ನಂಬರ್	ಭೂಸ್ವಾಧೀನಕ್ಕೆ ಒಳಪಡುವ ವಿಸ್ತೀರ್ಣ		
			ಜಮು ಎ-ಗುಂಟೆ	ಖರಾಬು ಎ-ಗುಂಟೆ	ಒಟ್ಟು ಎ-ಗುಂಟೆ
345	ನಾಗೇಗೌಡ ಬಿನ್ ಸುಬ್ಬೇಗೌಡ	12/2ಬಿ	0–01.00	–	0–01.00
346	ಬಿ.ಎನ್.ಪುಟ್ಟಾಮ್ಮಣ್ಣಗೌಡ ಬಿನ್ ಸುಬ್ಬೇಗೌಡ	12/3	0–03.00	–	0–03.00
347	ಜಯರಾಮೇಗೌಡ ಬಿನ್ ನಾರಾಯಣೇಗೌಡ ಉ ಸವದೇಗೌಡ	12/2ಸಿ	0–09.00	–	0–09.00
348	1.ಪುಟ್ಟಮ್ಮ ಕೋಂ ಲೇ ಡಿ.ದೇವೇಗೌಡ, ಸಿದ್ದಾಶ ಕೋಂ ಲೇ ಸುರೇಶ, ರಮೇಶ ಬಿನ್ ಲೇ ಡಿ.ದೇವೇಗೌಡ, ಕುಮಾರ ಬಿನ್ ಲೇ ಡಿ.ದೇವೇಗೌಡ, ಅಶೋಕ. ಡಿ ಬಿನ್ ಲೇ ಡಿ.ದೇವೇಗೌಡ	21/2	0–05.00	–	0–05.00
349	1. ನಾರಾಯಣ ಬಿನ್ ಹನುಮಯ್ಯ 2.ದೊಡ್ಡರಂಗೇಗೌಡ ಬಿನ್ ಸಿದ್ದೇಗೌಡ	55/2	0–08.00	–	0–08.00
350	ಪ್ರೇಮಮಾಕಮ್ಮ ಬಿನ್ ಚೆಟ್ಟಯ್ಯ	4/ಪೈ.ಓ.2	0–01.00	–	0–01.00
351	ಧಾರಮ್ಮ ಕೋಂ ಲೇ ಬಿನ್ ಚೆಟ್ಟಯ್ಯ	4/ಪೈ.ಓ.1	0–01.00	–	0–01.00
352	ಗಿರಿಯಮ್ಮ ಕೋಂ ಲೇ ಚಲುವಯ್ಯ ಉ ಮಂಚಯ್ಯ	4/ಪೈ.ಓ.3	0–01.00	–	0–01.00
353	1.ನಾಗೇಗೌಡ ಬಿನ್ ಸುಬ್ಬೇಗೌಡ 2.ಸುಂದ್ರಮ್ಮ ಕೋಂ ಎಸ್.ಎನ್. ಕುಮಾರಸ್ವಾಮಿ 3.ಕೃಷ್ಣೇಗೌಡ ಬಿನ್ ಸುಬ್ಬೇಗೌಡ 4.ಬಿ.ಎನ್.ಪುಟ್ಟಾಮ್ಮಣ್ಣಗೌಡ ಬಿನ್ ಸುಬ್ಬೇಗೌಡ	51/*	0–00.04	–	0–00.04
354	ಜಂದ್ರಮ್ಮ ಬಿನ್ ಮಂಚೇಗೌಡ	63	0–00.12	–	0–00.12
355	1. ಲಕ್ಷ್ಮೀದೇವಿ ಕೋಂ ನಂಜುಂಡೇಗೌಡ 2. ನಂಜೇಗೌಡ ಬಿನ್ ಸಿದ್ದೇಗೌಡ	55/9	0–05.08	–	0–05.08
356	1.ಕಾಳಮ್ಮ ಜಯರಾಮಯ್ಯ (ಜಂಟಿ), 2.ಲಕ್ಷ್ಮಮ್ಮ ಕೋಂ ಲೇ ನಂಜುಂಡಯ್ಯ	55/3	0–00.08	–	0–00.08
357	ಜಯರಾಮೇಗೌಡ ಬಿನ್ ನಾರಾಯಣೇಗೌಡ	12/1	0–01.00	–	0–01.00
358	ವಿಶಾಲಾಕ್ಷಮ್ಮ, ಚೇತಾಂಕರ, ಜವರಾಚಾರಿ ಬಿನ್ ಚನ್ನಾಚಾರಿ (ಜಂಟಿ)	65/1	0–03.12	–	0–03.12
359	ಕಮಲಮ್ಮ ಕೋಂ ಲೇ ಸೋಮಶೇಖರ ಸವಿತ ಕೋಂ ಲೇ ಸೋಮಶೇಖರ (ಜಂಟಿ)	65/3	0–02.04	–	0–02.04
		ಒಟ್ಟು	1–03.00	–	1–03.00
ಗ್ರಾಮ : ಲಕ್ಷ್ಮೀಪುರ	ತಾಲ್ಲೂಕು : ಕೆ.ಆರ್. ಪೇಟೆ
ಹೋಬಳಿ : ಅಕ್ಕಿಹೆಬ್ಬಾಳು	ಜಿಲ್ಲೆ : ಮಂಡ್ಯ
ಕ್ರಮ ಸಂಖ್ಯೆ	ಖಾತೆದಾರರ ಹೆಸರು ಹಣುಸಿಂಕಂತೆ ಶ್ರೀಯುತರು/ಶ್ರೀಮತಿ	ಸರ್ವೆ ನಂಬರ್	ಭೂಸ್ವಾಧೀನಕ್ಕೆ ಒಳಪಡುವ ವಿಸ್ತೀರ್ಣ		
			ಜಮು ಎ-ಗುಂಟೆ	ಖರಾಬು ಎ-ಗುಂಟೆ	ಒಟ್ಟು ಎ-ಗುಂಟೆ
360	ಜಿ.ಎಸ್.ಕುಮಾರ ಬಿನ್ ಲೇ ಸಣ್ಣೇಗೌಡ	72/2	0–01.00	–	0–01.00
361	ಪುಟ್ಟಮ್ಮ ಕೋಂ ಲೇ ಹೊನ್ನೇಗೌಡ	44/1	0–00.08	–	0–00.08
362	ಪುಟ್ಟಣ್ಣಾಯಕ ಬಿನ್ ಸಿಂಗಯ್ಯ ಉಃ ಪಾಪಯ್ಯ	44/2	1–03.08	0–14.00	0–29.08
363	ರಾಜಾನಾಯಕ ಬಿನ್ ಪುಟ್ಟಣ್ಣಾಯಕ ಜೆಲಜಾದೇವಿ ಕೋಂ ಶ್ರಿಕೆ.ಬಲರಾಮ ಸಿಂಗಯ್ಯ ಉಃ ಪಾಪಯ್ಯ ಚಿಕ್ಕೇಗೌಡ 3.ಕೆ.ಬಲರಾಮ ಬಿನ್ ಕರಿಯಯ್ಯ	41/3	0–19.04	0–12.04	0–07.00
364	ಚಿಕ್ಕೇಗೌಡ ಬಿನ್ ಲೇ ಸಣ್ಣೇಗೌಡ	48	0–02.08	–	0–02.08
365	ಹೆಚ್.ಎಂ.ಭದ್ರೇಗೌಡ ಬಿನ್ ಹೆಚ್.ಎಂ.ವೆಂಕಟರಾಮು	57	0–04.08	–	0–04.08
366	ದೇವಮ್ಮ ಬಿನ್ ಜವರಾಸಯ್ಯ	2/5	0–30.00	–	0–30.00
367	ನಂಜುಂಡರಾಮಯ್ಯ, ರಾಜೇಗೌಡ, ಸುಬ್ಬೇಗೌಡ, ನಂಜುಂಡರಾಮಯ್ಯ ಉಃ ನಂಜುಂಡಾಯಕ, ನಾಗಾನಾಯಕ, ಶ್ರೀಮತಿ, ಶಿವಮ್ಮ, ಪಾರ್ವತಮ್ಮ	74	0–00.04	–	0–00.04
368	ಕೆ.ಹೆಚ್.ಮೋಹನ್, ಶ್ರೀನಿವಾಸ, ಚಂದ್ರೇಗೌಡ, ಮುನೀಂದ್ರಾಯ, ಚಂದ್ರಾನಾಯಕ	40	0–02.04	–	0–02.04
369	ಸಣ್ಣಮ್ಮ ಕೋಂ ಬ್ಯಾಟರಾಮಾನಾಯಕ	49	0–02.08	–	0–02.08
370	ಕಾಮಮ್ಮ, ರಾಮಯ್ಯ, ನಾಗಮ್ಮ, ಸಣ್ಣಮ್ಮ, ನರಸಾನಾಯಕ	50	0–03.00	–	0–03.00
371	ದೇವಮ್ಮ, ಜಯಲಕ್ಷ್ಮೀ, ಗಂಗಾಧರ, ಜಿ.ಎಸ್. ಪ್ರಭಾಕರ್‌ರಾಮಾಂದ್.ಜಿ.ಎಸ್. ಸಿಂಗರಾಜು	67	0–02.04	–	0–02.04
		ಒಟ್ಟು	3–37.08	0–26.04	3–11.04
Page-3
